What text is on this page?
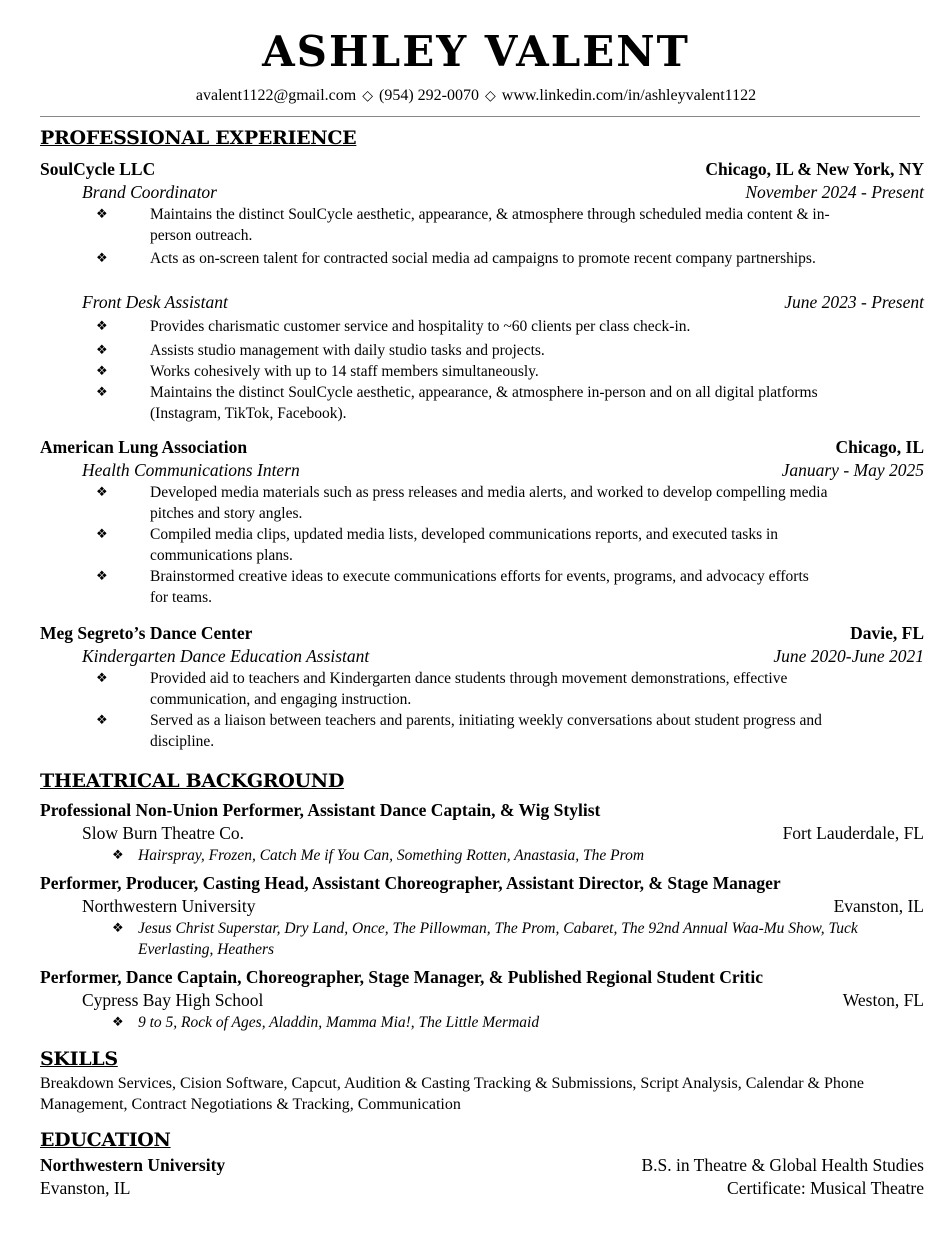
ASHLEY VALENT
avalent1122@gmail.com ◇ (954) 292-0070 ◇ www.linkedin.com/in/ashleyvalent1122
PROFESSIONAL EXPERIENCE
SoulCycle LLC	Chicago, IL & New York, NY
Brand Coordinator	November 2024 - Present
❖	Maintains the distinct SoulCycle aesthetic, appearance, & atmosphere through scheduled media content & in-person outreach.
❖	Acts as on-screen talent for contracted social media ad campaigns to promote recent company partnerships.
Front Desk Assistant	June 2023 - Present
❖	Provides charismatic customer service and hospitality to ~60 clients per class check-in.
❖	Assists studio management with daily studio tasks and projects.
❖	Works cohesively with up to 14 staff members simultaneously.
❖	Maintains the distinct SoulCycle aesthetic, appearance, & atmosphere in-person and on all digital platforms (Instagram, TikTok, Facebook).
American Lung Association	Chicago, IL
Health Communications Intern	January - May 2025
❖	Developed media materials such as press releases and media alerts, and worked to develop compelling media pitches and story angles.
❖	Compiled media clips, updated media lists, developed communications reports, and executed tasks in communications plans.
❖	Brainstormed creative ideas to execute communications efforts for events, programs, and advocacy efforts for teams.
Meg Segreto’s Dance Center	Davie, FL
Kindergarten Dance Education Assistant	June 2020-June 2021
❖	Provided aid to teachers and Kindergarten dance students through movement demonstrations, effective communication, and engaging instruction.
❖	Served as a liaison between teachers and parents, initiating weekly conversations about student progress and discipline.
THEATRICAL BACKGROUND
Professional Non-Union Performer, Assistant Dance Captain, & Wig Stylist
Slow Burn Theatre Co.	Fort Lauderdale, FL
❖ Hairspray, Frozen, Catch Me if You Can, Something Rotten, Anastasia, The Prom
Performer, Producer, Casting Head, Assistant Choreographer, Assistant Director, & Stage Manager
Northwestern University	Evanston, IL
❖ Jesus Christ Superstar, Dry Land, Once, The Pillowman, The Prom, Cabaret, The 92nd Annual Waa-Mu Show, Tuck Everlasting, Heathers
Performer, Dance Captain, Choreographer, Stage Manager, & Published Regional Student Critic
Cypress Bay High School	Weston, FL
❖ 9 to 5, Rock of Ages, Aladdin, Mamma Mia!, The Little Mermaid
SKILLS
Breakdown Services, Cision Software, Capcut, Audition & Casting Tracking & Submissions, Script Analysis, Calendar & Phone Management, Contract Negotiations & Tracking, Communication
EDUCATION
Northwestern University	B.S. in Theatre & Global Health Studies
Evanston, IL	Certificate: Musical Theatre
